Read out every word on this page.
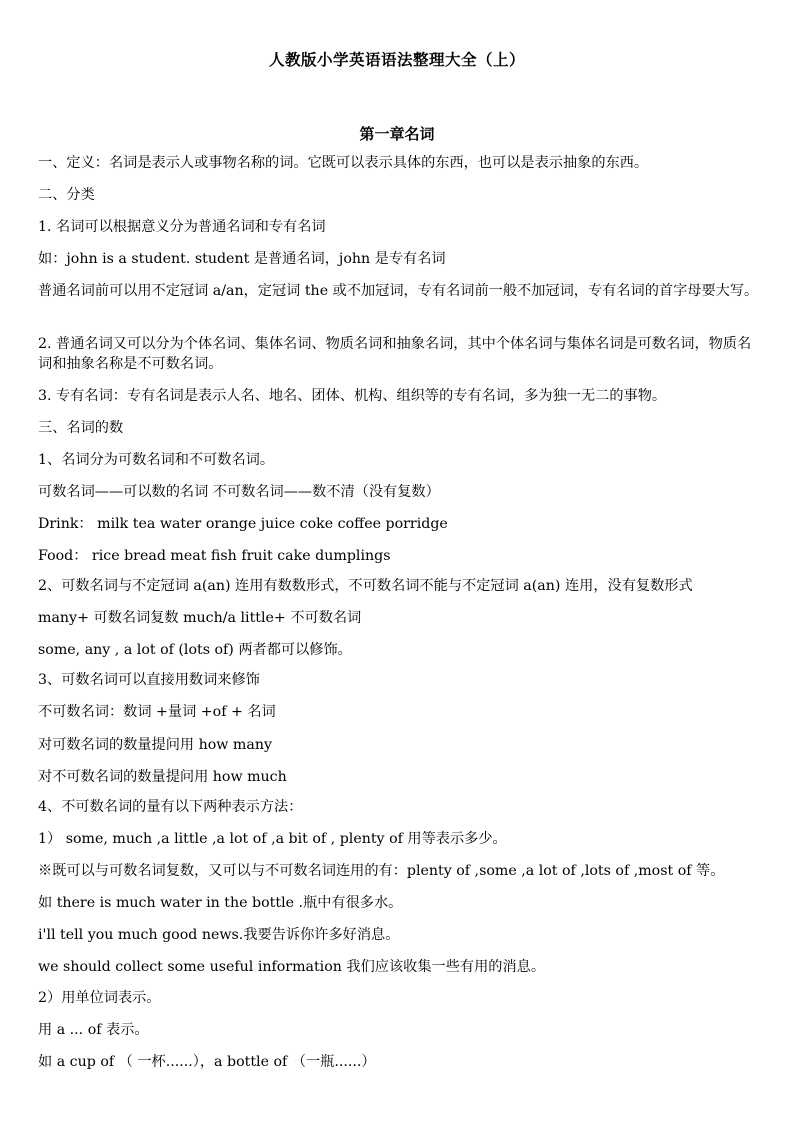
人教版小学英语语法整理大全（上）
第一章名词
一、定义：名词是表示人或事物名称的词。它既可以表示具体的东西，也可以是表示抽象的东西。
二、分类
1. 名词可以根据意义分为普通名词和专有名词
如：john is a student. student 是普通名词，john 是专有名词
普通名词前可以用不定冠词 a/an，定冠词 the 或不加冠词，专有名词前一般不加冠词，专有名词的首字母要大写。
2. 普通名词又可以分为个体名词、集体名词、物质名词和抽象名词，其中个体名词与集体名词是可数名词，物质名词和抽象名称是不可数名词。
3. 专有名词：专有名词是表示人名、地名、团体、机构、组织等的专有名词，多为独一无二的事物。
三、名词的数
1、名词分为可数名词和不可数名词。
可数名词——可以数的名词 不可数名词——数不清（没有复数）
Drink： milk tea water orange juice coke coffee porridge
Food： rice bread meat fish fruit cake dumplings
2、可数名词与不定冠词 a(an) 连用有数数形式，不可数名词不能与不定冠词 a(an) 连用，没有复数形式
many+ 可数名词复数 much/a little+ 不可数名词
some, any , a lot of (lots of) 两者都可以修饰。
3、可数名词可以直接用数词来修饰
不可数名词：数词 +量词 +of + 名词
对可数名词的数量提问用 how many
对不可数名词的数量提问用 how much
4、不可数名词的量有以下两种表示方法：
1） some, much ,a little ,a lot of ,a bit of , plenty of 用等表示多少。
※既可以与可数名词复数，又可以与不可数名词连用的有：plenty of ,some ,a lot of ,lots of ,most of 等。
如 there is much water in the bottle .瓶中有很多水。
i'll tell you much good news.我要告诉你许多好消息。
we should collect some useful information 我们应该收集一些有用的消息。
2）用单位词表示。
用 a ... of 表示。
如 a cup of （ 一杯......），a bottle of （一瓶......）
